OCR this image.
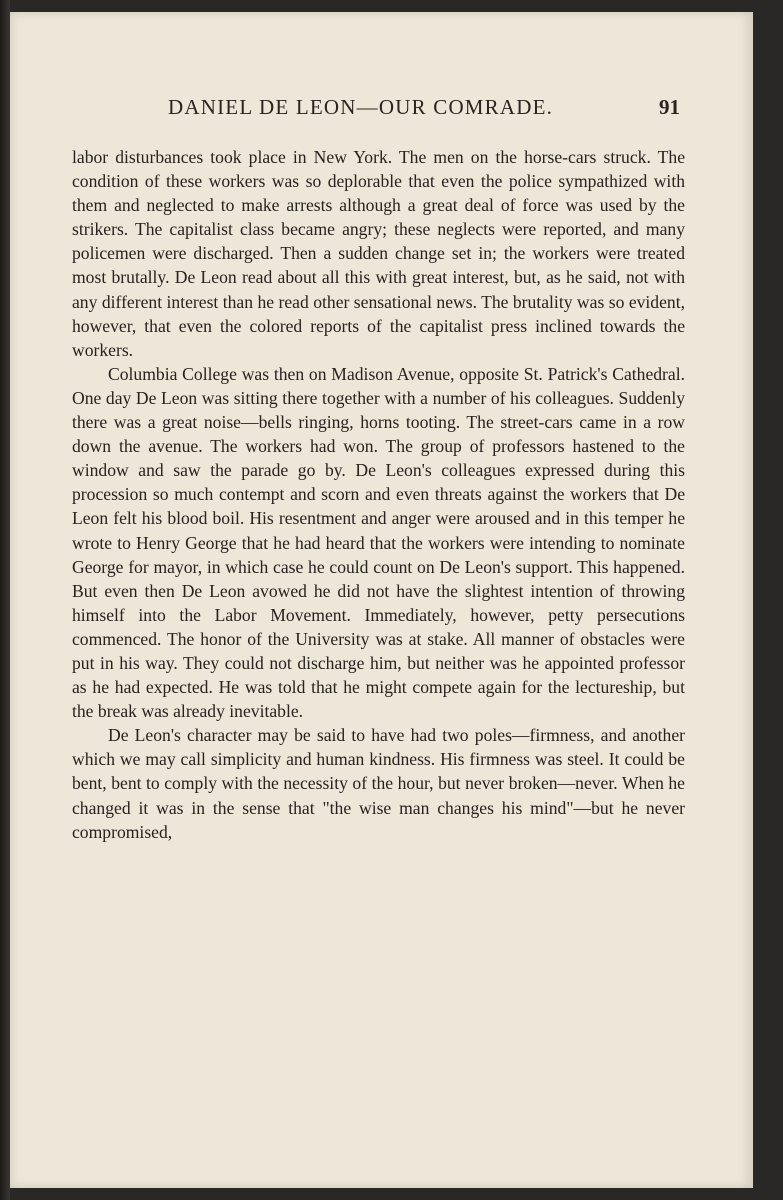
DANIEL DE LEON—OUR COMRADE.	91

labor disturbances took place in New York. The men on the horse-cars struck. The condition of these workers was so deplorable that even the police sympathized with them and neglected to make arrests although a great deal of force was used by the strikers. The capitalist class became angry; these neglects were reported, and many policemen were discharged. Then a sudden change set in; the workers were treated most brutally. De Leon read about all this with great interest, but, as he said, not with any different interest than he read other sensational news. The brutality was so evident, however, that even the colored reports of the capitalist press inclined towards the workers.

Columbia College was then on Madison Avenue, opposite St. Patrick's Cathedral. One day De Leon was sitting there together with a number of his colleagues. Suddenly there was a great noise—bells ringing, horns tooting. The street-cars came in a row down the avenue. The workers had won. The group of professors hastened to the window and saw the parade go by. De Leon's colleagues expressed during this procession so much contempt and scorn and even threats against the workers that De Leon felt his blood boil. His resentment and anger were aroused and in this temper he wrote to Henry George that he had heard that the workers were intending to nominate George for mayor, in which case he could count on De Leon's support. This happened. But even then De Leon avowed he did not have the slightest intention of throwing himself into the Labor Movement. Immediately, however, petty persecutions commenced. The honor of the University was at stake. All manner of obstacles were put in his way. They could not discharge him, but neither was he appointed professor as he had expected. He was told that he might compete again for the lectureship, but the break was already inevitable.

De Leon's character may be said to have had two poles—firmness, and another which we may call simplicity and human kindness. His firmness was steel. It could be bent, bent to comply with the necessity of the hour, but never broken—never. When he changed it was in the sense that "the wise man changes his mind"—but he never compromised,
